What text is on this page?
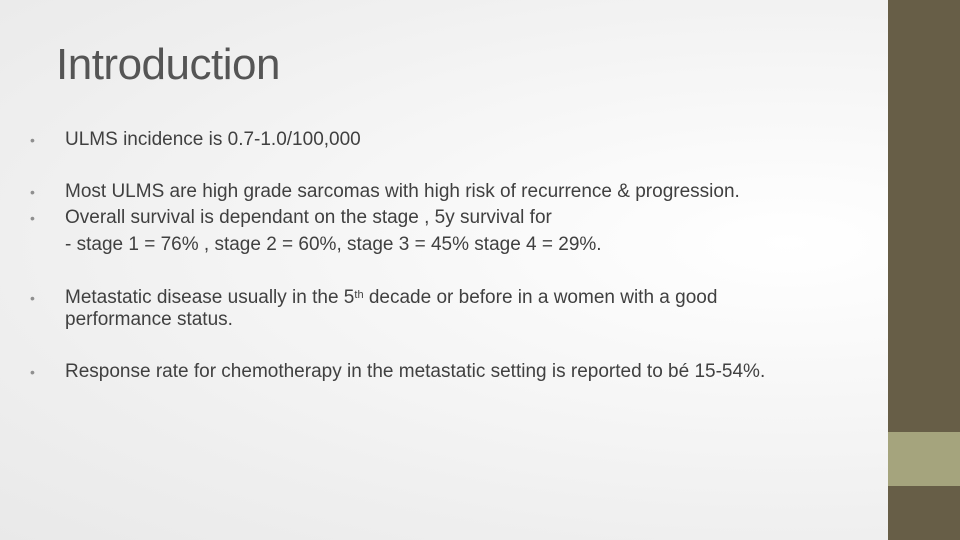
Introduction
•	ULMS incidence is 0.7-1.0/100,000
•	Most ULMS are high grade sarcomas with high risk of recurrence & progression.
•	Overall survival is dependant on the stage , 5y survival for
- stage 1 = 76% , stage 2 = 60%, stage 3 = 45% stage 4 = 29%.
•	Metastatic disease usually in the 5th decade or before in a women with a good
performance status.
•	Response rate for chemotherapy in the metastatic setting is reported to bé 15-54%.
